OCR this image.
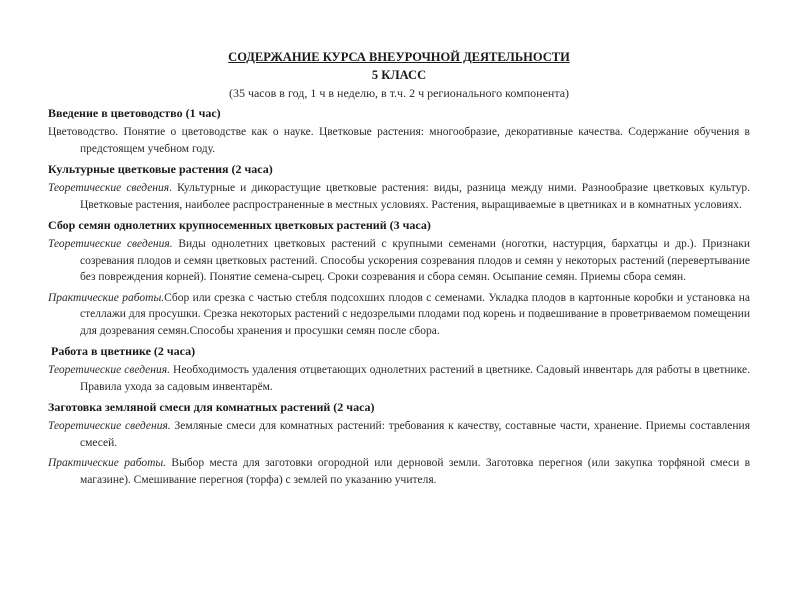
СОДЕРЖАНИЕ КУРСА ВНЕУРОЧНОЙ ДЕЯТЕЛЬНОСТИ

5 КЛАСС

(35 часов в год, 1 ч в неделю, в т.ч. 2 ч регионального компонента)

Введение в цветоводство (1 час)

Цветоводство. Понятие о цветоводстве как о науке. Цветковые растения: многообразие, декоративные качества. Содержание обучения в предстоящем учебном году.

Культурные цветковые растения (2 часа)

Теоретические сведения. Культурные и дикорастущие цветковые растения: виды, разница между ними. Разнообразие цветковых культур. Цветковые растения, наиболее распространенные в местных условиях. Растения, выращиваемые в цветниках и в комнатных условиях.

Сбор семян однолетних крупносеменных цветковых растений (3 часа)

Теоретические сведения. Виды однолетних цветковых растений с крупными семенами (ноготки, настурция, бархатцы и др.). Признаки созревания плодов и семян цветковых растений. Способы ускорения созревания плодов и семян у некоторых растений (перевертывание без повреждения корней). Понятие семена-сырец. Сроки созревания и сбора семян. Осыпание семян. Приемы сбора семян.

Практические работы.Сбор или срезка с частью стебля подсохших плодов с семенами. Укладка плодов в картонные коробки и установка на стеллажи для просушки. Срезка некоторых растений с недозрелыми плодами под корень и подвешивание в проветриваемом помещении для дозревания семян.Способы хранения и просушки семян после сбора.

Работа в цветнике (2 часа)

Теоретические сведения. Необходимость удаления отцветающих однолетних растений в цветнике. Садовый инвентарь для работы в цветнике. Правила ухода за садовым инвентарём.

Заготовка земляной смеси для комнатных растений (2 часа)

Теоретические сведения. Земляные смеси для комнатных растений: требования к качеству, составные части, хранение. Приемы составления смесей.

Практические работы. Выбор места для заготовки огородной или дерновой земли. Заготовка перегноя (или закупка торфяной смеси в магазине). Смешивание перегноя (торфа) с землей по указанию учителя.
